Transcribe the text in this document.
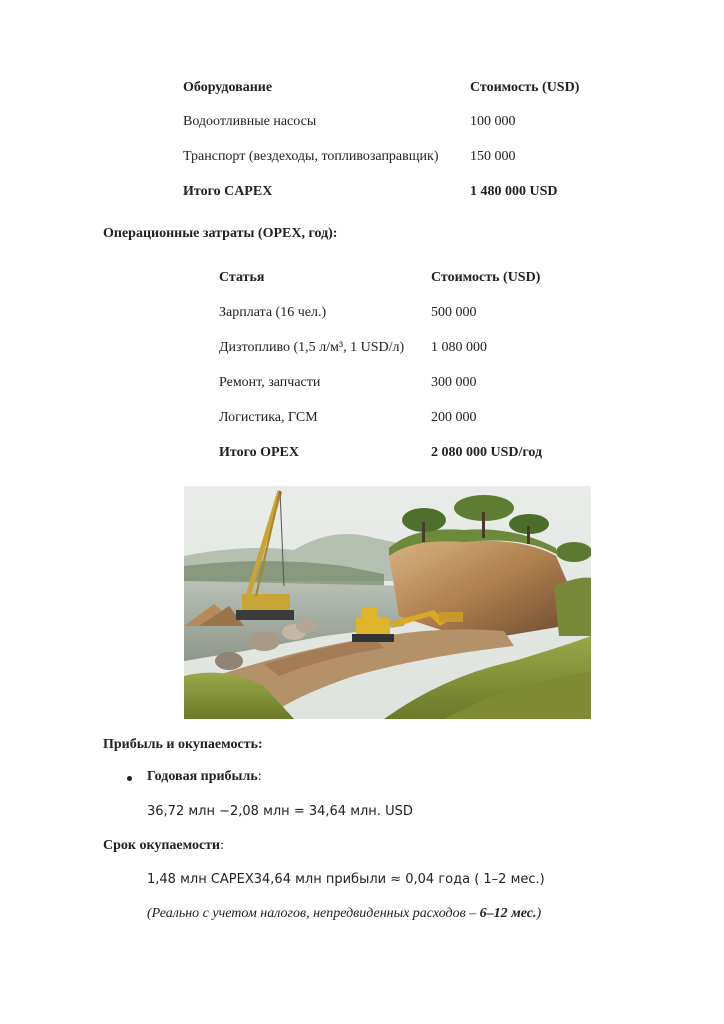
Оборудование	Стоимость (USD)
Водоотливные насосы	100 000
Транспорт (вездеходы, топливозаправщик) 150 000
Итого CAPEX	1 480 000 USD
Операционные затраты (OPEX, год):
Статья	Стоимость (USD)
Зарплата (16 чел.)	500 000
Дизтопливо (1,5 л/м³, 1 USD/л) 1 080 000
Ремонт, запчасти	300 000
Логистика, ГСМ	200 000
Итого OPEX	2 080 000 USD/год
Прибыль и окупаемость:
Годовая прибыль:
36,72 млн −2,08 млн = 34,64 млн. USD
Срок окупаемости:
1,48 млн CAPEX34,64 млн прибыли ≈ 0,04 года ( 1–2 мес.)
(Реально с учетом налогов, непредвиденных расходов – 6–12 мес.)
